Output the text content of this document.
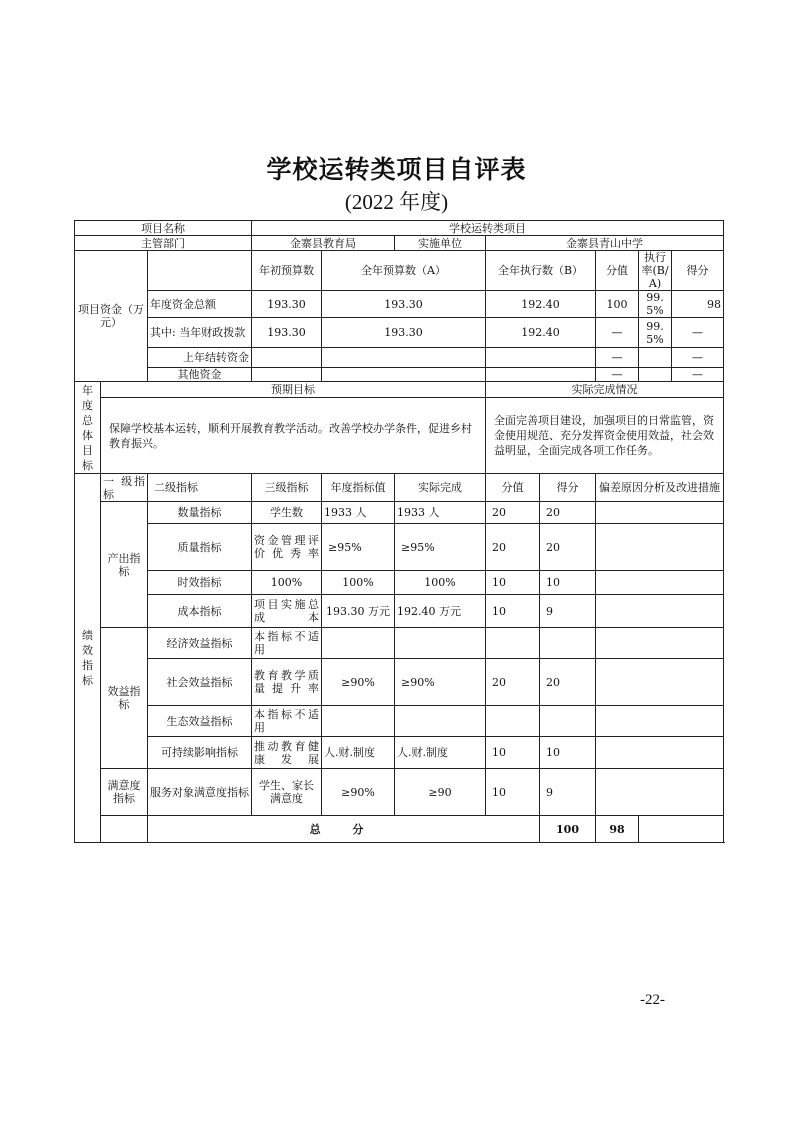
学校运转类项目自评表
(2022 年度)
项目名称			学校运转类项目							
主管部门			金寨县教育局		实施单位	金寨县青山中学				
项目资金（万元）			年初预算数	全年预算数（A）		全年执行数（B）		分值	执行率(B/A)	得分
		年度资金总额	193.30	193.30		192.40		100	99.5%	98
		其中: 当年财政拨款	193.30	193.30		192.40		—	99.5%	—
		上年结转资金						—		—
		其他资金						—		—
年度总体目标	预期目标					实际完成情况				
	保障学校基本运转，顺利开展教育教学活动。改善学校办学条件，促进乡村教育振兴。					全面完善项目建设，加强项目的日常监管，资金使用规范、充分发挥资金使用效益，社会效益明显，全面完成各项工作任务。				
绩效指标	一 级指标	二级指标	三级指标	年度指标值	实际完成	分值	得分	偏差原因分析及改进措施		
	产出指标	数量指标	学生数	1933 人	1933 人	20	20			
		质量指标	资金管理评价优秀率	≥95%	≥95%	20	20			
		时效指标	100%	100%	100%	10	10			
		成本指标	项目实施总成本	193.30 万元	192.40 万元	10	9			
	效益指标	经济效益指标	本指标不适用							
		社会效益指标	教育教学质量提升率	≥90%	≥90%	20	20			
		生态效益指标	本指标不适用							
		可持续影响指标	推动教育健康发展	人.财.制度	人.财.制度	10	10			
	满意度指标	服务对象满意度指标	学生、家长满意度	≥90%	≥90	10	9			
		总 分					100	98		
-22-
